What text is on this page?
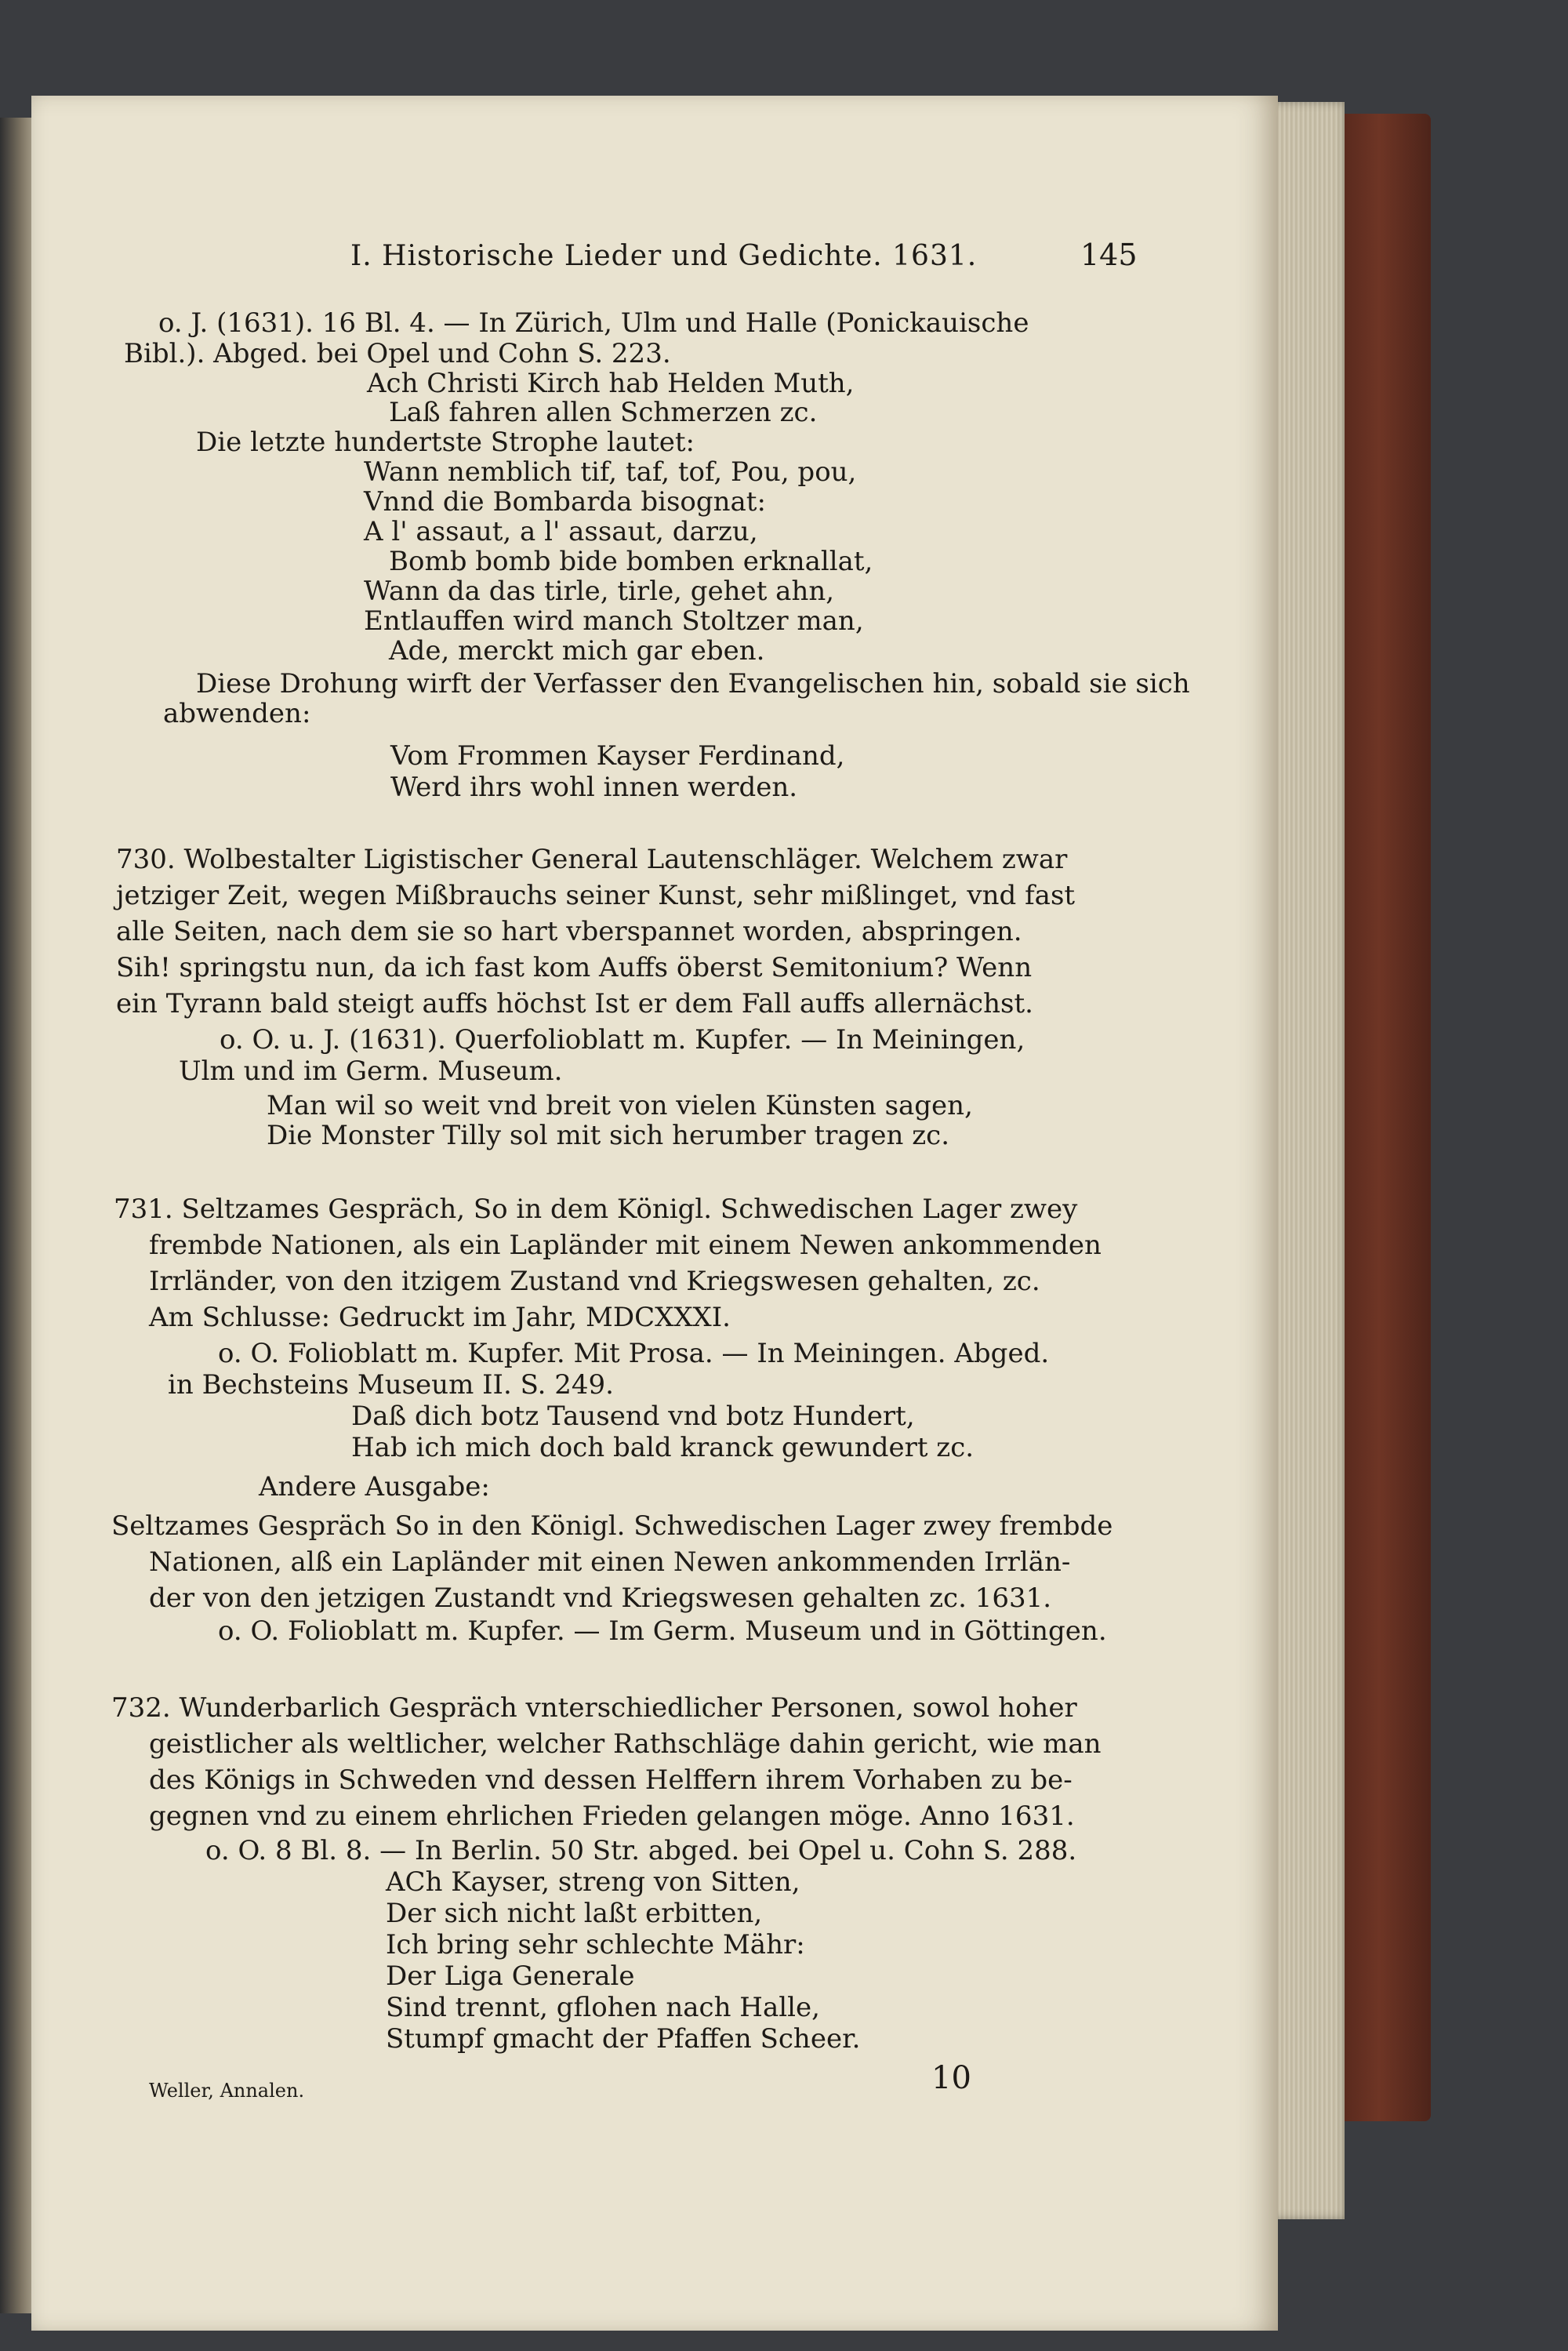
I. Historische Lieder und Gedichte. 1631.	145
o. J. (1631). 16 Bl. 4. — In Zürich, Ulm und Halle (Ponickauische
Bibl.). Abged. bei Opel und Cohn S. 223.
Ach Christi Kirch hab Helden Muth,
Laß fahren allen Schmerzen zc.
Die letzte hundertste Strophe lautet:
Wann nemblich tif, taf, tof, Pou, pou,
Vnnd die Bombarda bisognat:
A l' assaut, a l' assaut, darzu,
Bomb bomb bide bomben erknallat,
Wann da das tirle, tirle, gehet ahn,
Entlauffen wird manch Stoltzer man,
Ade, merckt mich gar eben.
Diese Drohung wirft der Verfasser den Evangelischen hin, sobald sie sich
abwenden:
Vom Frommen Kayser Ferdinand,
Werd ihrs wohl innen werden.
730. Wolbestalter Ligistischer General Lautenschläger. Welchem zwar
jetziger Zeit, wegen Mißbrauchs seiner Kunst, sehr mißlinget, vnd fast
alle Seiten, nach dem sie so hart vberspannet worden, abspringen.
Sih! springstu nun, da ich fast kom Auffs öberst Semitonium? Wenn
ein Tyrann bald steigt auffs höchst Ist er dem Fall auffs allernächst.
o. O. u. J. (1631). Querfolioblatt m. Kupfer. — In Meiningen,
Ulm und im Germ. Museum.
Man wil so weit vnd breit von vielen Künsten sagen,
Die Monster Tilly sol mit sich herumber tragen zc.
731. Seltzames Gespräch, So in dem Königl. Schwedischen Lager zwey
frembde Nationen, als ein Lapländer mit einem Newen ankommenden
Irrländer, von den itzigem Zustand vnd Kriegswesen gehalten, zc.
Am Schlusse: Gedruckt im Jahr, MDCXXXI.
o. O. Folioblatt m. Kupfer. Mit Prosa. — In Meiningen. Abged.
in Bechsteins Museum II. S. 249.
Daß dich botz Tausend vnd botz Hundert,
Hab ich mich doch bald kranck gewundert zc.
Andere Ausgabe:
Seltzames Gespräch So in den Königl. Schwedischen Lager zwey frembde
Nationen, alß ein Lapländer mit einen Newen ankommenden Irrlän-
der von den jetzigen Zustandt vnd Kriegswesen gehalten zc. 1631.
o. O. Folioblatt m. Kupfer. — Im Germ. Museum und in Göttingen.
732. Wunderbarlich Gespräch vnterschiedlicher Personen, sowol hoher
geistlicher als weltlicher, welcher Rathschläge dahin gericht, wie man
des Königs in Schweden vnd dessen Helffern ihrem Vorhaben zu be-
gegnen vnd zu einem ehrlichen Frieden gelangen möge. Anno 1631.
o. O. 8 Bl. 8. — In Berlin. 50 Str. abged. bei Opel u. Cohn S. 288.
ACh Kayser, streng von Sitten,
Der sich nicht laßt erbitten,
Ich bring sehr schlechte Mähr:
Der Liga Generale
Sind trennt, gflohen nach Halle,
Stumpf gmacht der Pfaffen Scheer.
Weller, Annalen.	10
